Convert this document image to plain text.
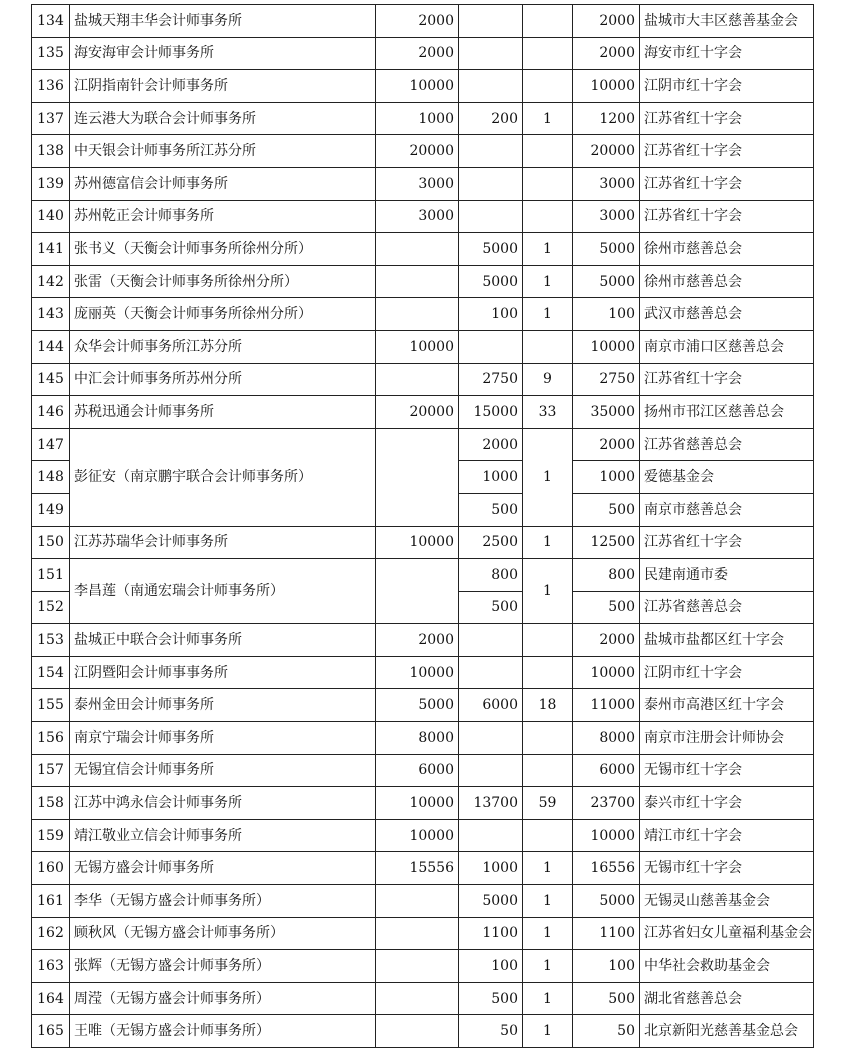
134	盐城天翔丰华会计师事务所	2000			2000	盐城市大丰区慈善基金会
135	海安海审会计师事务所	2000			2000	海安市红十字会
136	江阴指南针会计师事务所	10000			10000	江阴市红十字会
137	连云港大为联合会计师事务所	1000	200	1	1200	江苏省红十字会
138	中天银会计师事务所江苏分所	20000			20000	江苏省红十字会
139	苏州德富信会计师事务所	3000			3000	江苏省红十字会
140	苏州乾正会计师事务所	3000			3000	江苏省红十字会
141	张书义（天衡会计师事务所徐州分所）		5000	1	5000	徐州市慈善总会
142	张雷（天衡会计师事务所徐州分所）		5000	1	5000	徐州市慈善总会
143	庞丽英（天衡会计师事务所徐州分所）		100	1	100	武汉市慈善总会
144	众华会计师事务所江苏分所	10000			10000	南京市浦口区慈善总会
145	中汇会计师事务所苏州分所		2750	9	2750	江苏省红十字会
146	苏税迅通会计师事务所	20000	15000	33	35000	扬州市邗江区慈善总会
147	彭征安（南京鹏宇联合会计师事务所）		2000	1	2000	江苏省慈善总会
148			1000		1000	爱德基金会
149			500		500	南京市慈善总会
150	江苏苏瑞华会计师事务所	10000	2500	1	12500	江苏省红十字会
151	李昌莲（南通宏瑞会计师事务所）		800	1	800	民建南通市委
152			500		500	江苏省慈善总会
153	盐城正中联合会计师事务所	2000			2000	盐城市盐都区红十字会
154	江阴暨阳会计师事事务所	10000			10000	江阴市红十字会
155	泰州金田会计师事务所	5000	6000	18	11000	泰州市高港区红十字会
156	南京宁瑞会计师事务所	8000			8000	南京市注册会计师协会
157	无锡宜信会计师事务所	6000			6000	无锡市红十字会
158	江苏中鸿永信会计师事务所	10000	13700	59	23700	泰兴市红十字会
159	靖江敬业立信会计师事务所	10000			10000	靖江市红十字会
160	无锡方盛会计师事务所	15556	1000	1	16556	无锡市红十字会
161	李华（无锡方盛会计师事务所）		5000	1	5000	无锡灵山慈善基金会
162	顾秋风（无锡方盛会计师事务所）		1100	1	1100	江苏省妇女儿童福利基金会
163	张辉（无锡方盛会计师事务所）		100	1	100	中华社会救助基金会
164	周滢（无锡方盛会计师事务所）		500	1	500	湖北省慈善总会
165	王唯（无锡方盛会计师事务所）		50	1	50	北京新阳光慈善基金总会
